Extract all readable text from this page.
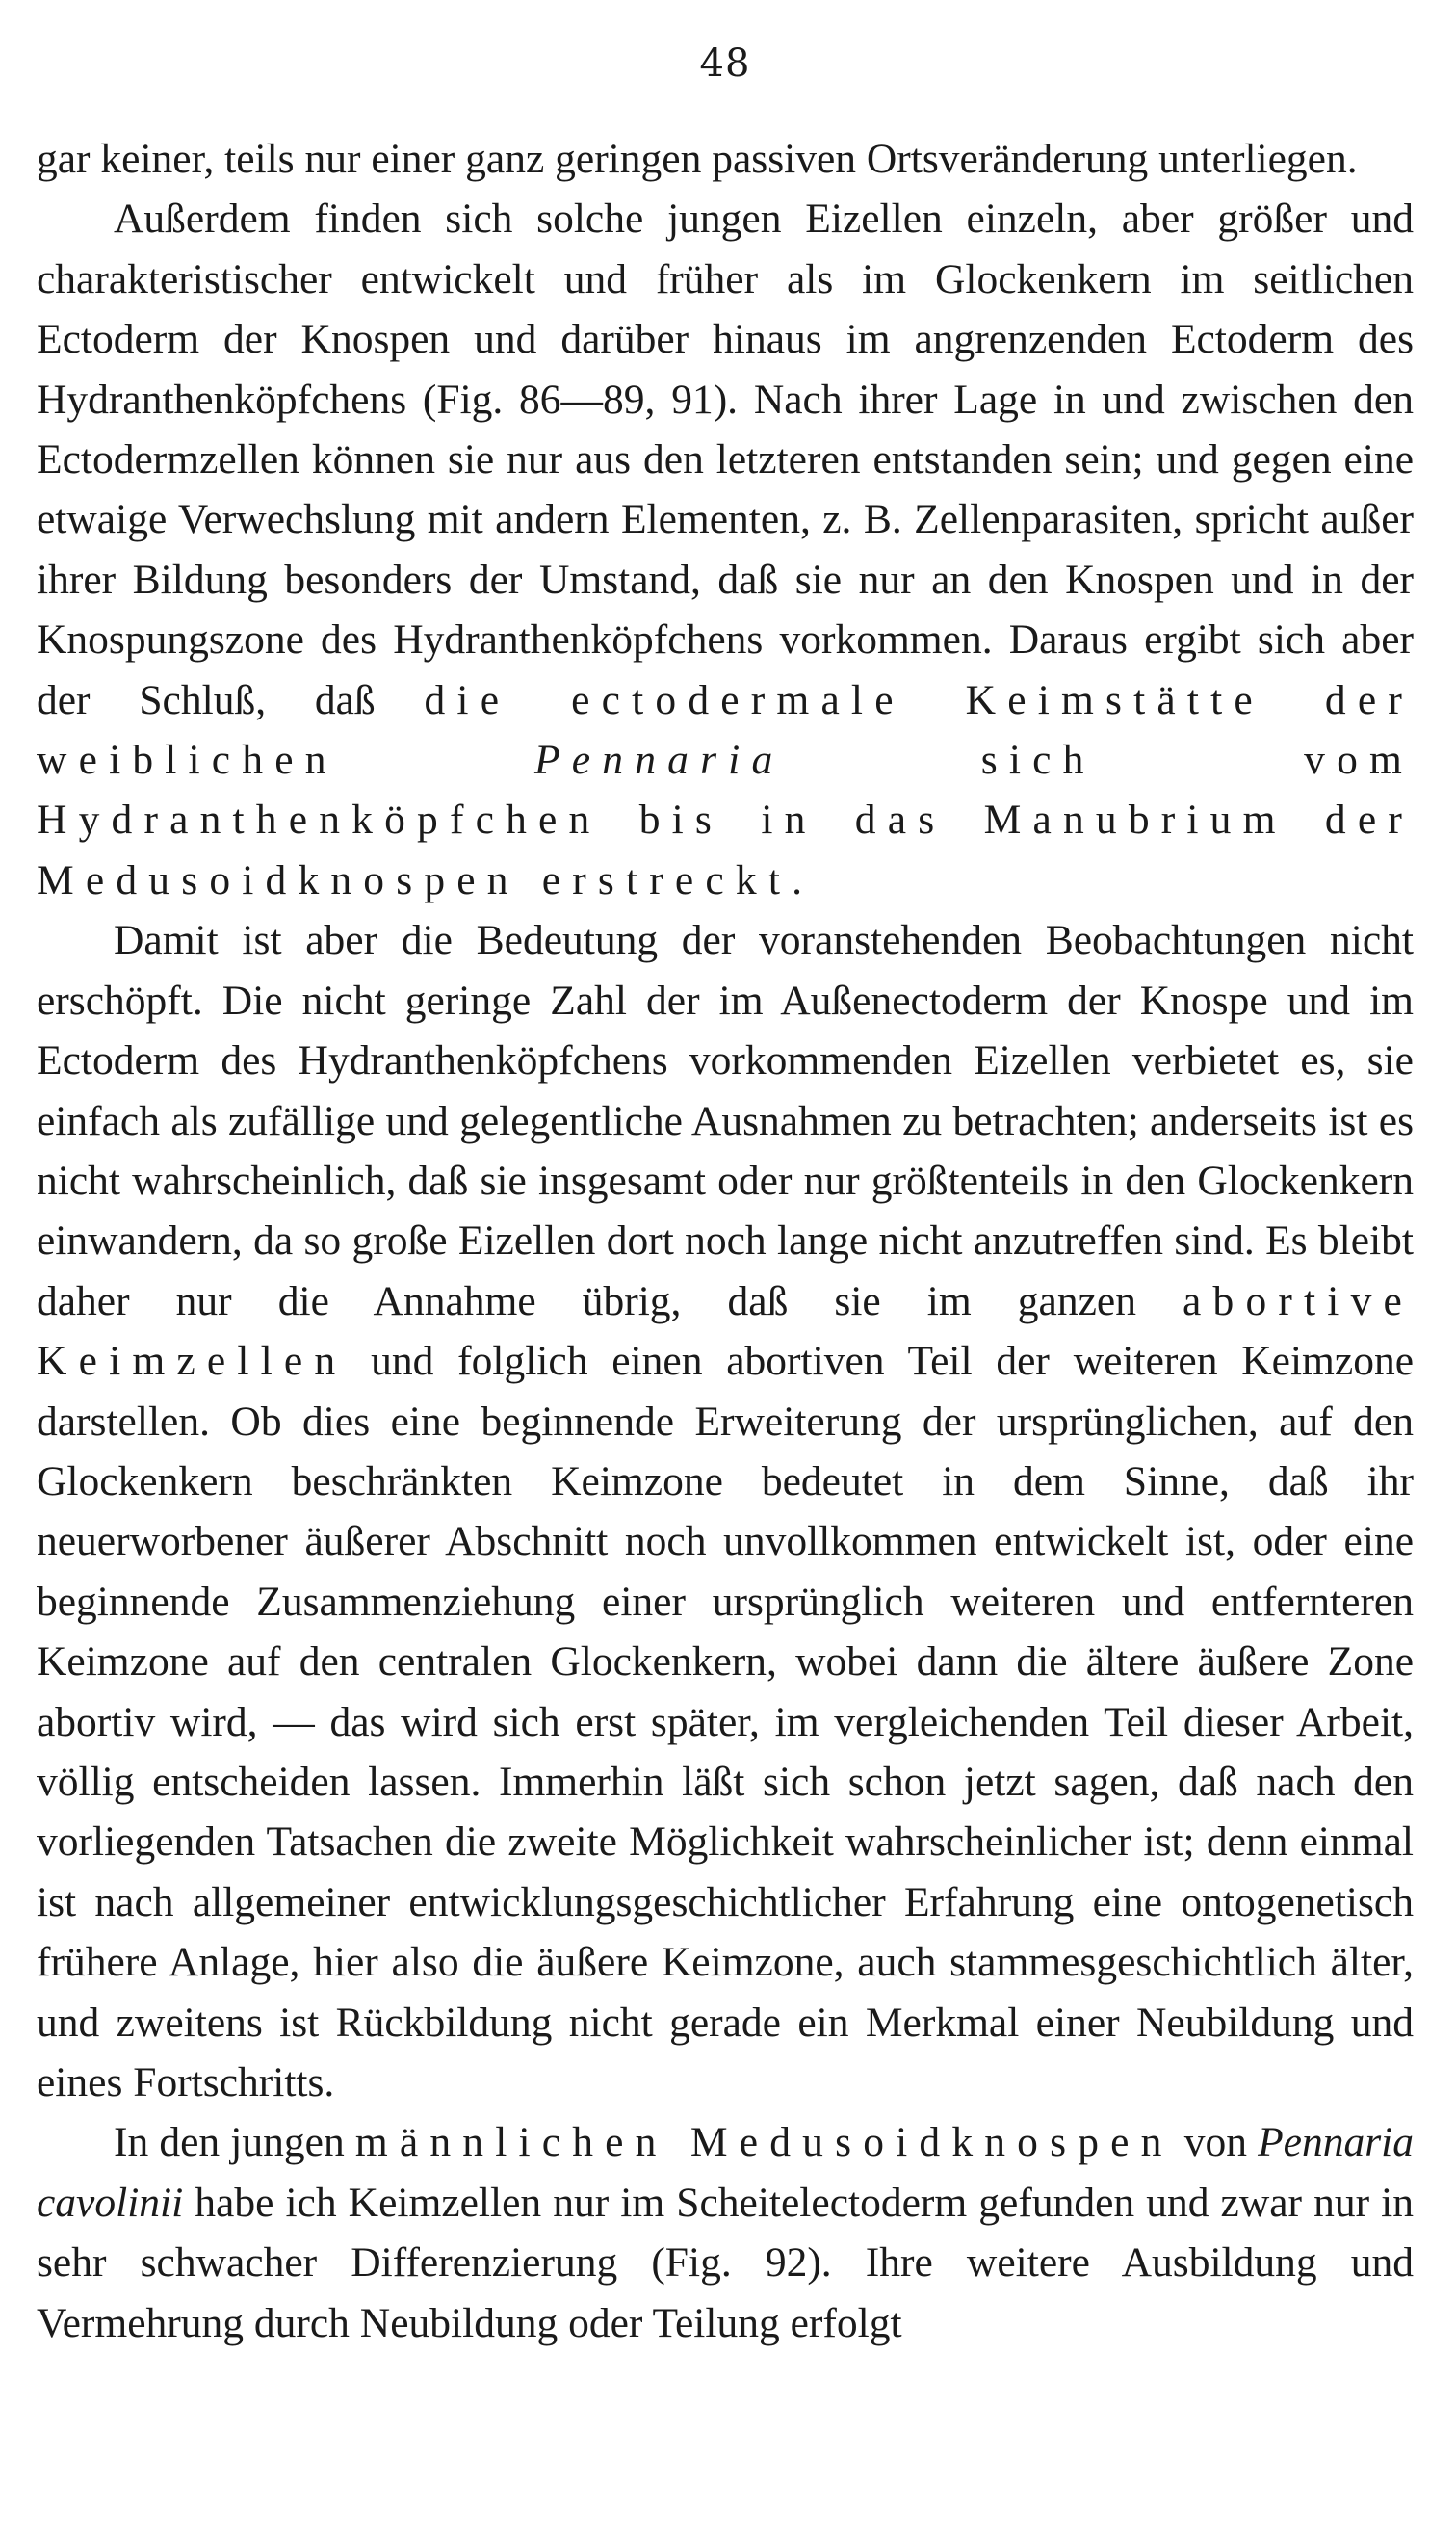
48

gar keiner, teils nur einer ganz geringen passiven Ortsveränderung unterliegen.

Außerdem finden sich solche jungen Eizellen einzeln, aber größer und charakteristischer entwickelt und früher als im Glockenkern im seitlichen Ectoderm der Knospen und darüber hinaus im angrenzenden Ectoderm des Hydranthenköpfchens (Fig. 86—89, 91). Nach ihrer Lage in und zwischen den Ectodermzellen können sie nur aus den letzteren entstanden sein; und gegen eine etwaige Verwechslung mit andern Elementen, z. B. Zellenparasiten, spricht außer ihrer Bildung besonders der Umstand, daß sie nur an den Knospen und in der Knospungszone des Hydranthenköpfchens vorkommen. Daraus ergibt sich aber der Schluß, daß die ectodermale Keimstätte der weiblichen	Pennaria	sich vom Hydranthenköpfchen bis in das Manubrium der Medusoidknospen erstreckt.

Damit ist aber die Bedeutung der voranstehenden Beobachtungen nicht erschöpft. Die nicht geringe Zahl der im Außenectoderm der Knospe und im Ectoderm des Hydranthenköpfchens vorkommenden Eizellen verbietet es, sie einfach als zufällige und gelegentliche Ausnahmen zu betrachten; anderseits ist es nicht wahrscheinlich, daß sie insgesamt oder nur größtenteils in den Glockenkern einwandern, da so große Eizellen dort noch lange nicht anzutreffen sind. Es bleibt daher nur die Annahme übrig, daß sie im ganzen abortive Keimzellen und folglich einen abortiven Teil der weiteren Keimzone darstellen. Ob dies eine beginnende Erweiterung der ursprünglichen, auf den Glockenkern beschränkten Keimzone bedeutet in dem Sinne, daß ihr neuerworbener äußerer Abschnitt noch unvollkommen entwickelt ist, oder eine beginnende Zusammenziehung einer ursprünglich weiteren und entfernteren Keimzone auf den centralen Glockenkern, wobei dann die ältere äußere Zone abortiv wird, — das wird sich erst später, im vergleichenden Teil dieser Arbeit, völlig entscheiden lassen. Immerhin läßt sich schon jetzt sagen, daß nach den vorliegenden Tatsachen die zweite Möglichkeit wahrscheinlicher ist; denn einmal ist nach allgemeiner entwicklungsgeschichtlicher Erfahrung eine ontogenetisch frühere Anlage, hier also die äußere Keimzone, auch stammesgeschichtlich älter, und zweitens ist Rückbildung nicht gerade ein Merkmal einer Neubildung und eines Fortschritts.

In den jungen männlichen Medusoidknospen von Pennaria cavolinii habe ich Keimzellen nur im Scheitelectoderm gefunden und zwar nur in sehr schwacher Differenzierung (Fig. 92). Ihre weitere Ausbildung und Vermehrung durch Neubildung oder Teilung erfolgt
